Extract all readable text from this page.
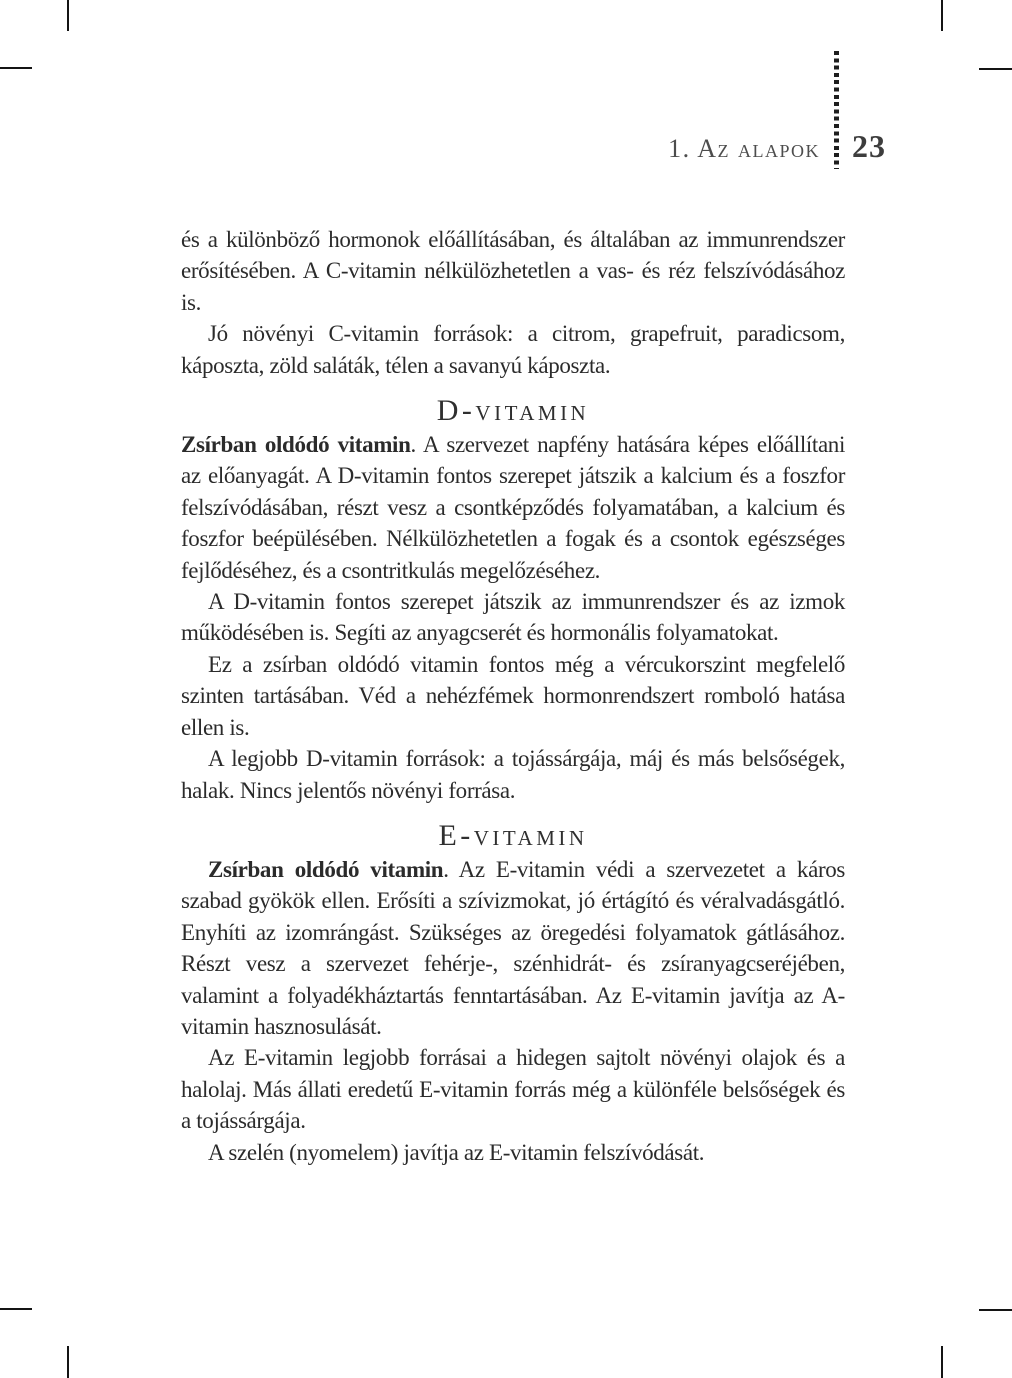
1. Az alapok 23

és a különböző hormonok előállításában, és általában az immunrendszer erősítésében. A C-vitamin nélkülözhetetlen a vas- és réz felszívódásához is.

Jó növényi C-vitamin források: a citrom, grapefruit, paradicsom, káposzta, zöld saláták, télen a savanyú káposzta.

D-vitamin

Zsírban oldódó vitamin. A szervezet napfény hatására képes előállítani az előanyagát. A D-vitamin fontos szerepet játszik a kalcium és a foszfor felszívódásában, részt vesz a csontképződés folyamatában, a kalcium és foszfor beépülésében. Nélkülözhetetlen a fogak és a csontok egészséges fejlődéséhez, és a csontritkulás megelőzéséhez.

A D-vitamin fontos szerepet játszik az immunrendszer és az izmok működésében is. Segíti az anyagcserét és hormonális folyamatokat.

Ez a zsírban oldódó vitamin fontos még a vércukorszint megfelelő szinten tartásában. Véd a nehézfémek hormonrendszert romboló hatása ellen is.

A legjobb D-vitamin források: a tojássárgája, máj és más belsőségek, halak. Nincs jelentős növényi forrása.

E-vitamin

Zsírban oldódó vitamin. Az E-vitamin védi a szervezetet a káros szabad gyökök ellen. Erősíti a szívizmokat, jó értágító és véralvadásgátló. Enyhíti az izomrángást. Szükséges az öregedési folyamatok gátlásához. Részt vesz a szervezet fehérje-, szénhidrát- és zsíranyagcseréjében, valamint a folyadékháztartás fenntartásában. Az E-vitamin javítja az A-vitamin hasznosulását.

Az E-vitamin legjobb forrásai a hidegen sajtolt növényi olajok és a halolaj. Más állati eredetű E-vitamin forrás még a különféle belsőségek és a tojássárgája.

A szelén (nyomelem) javítja az E-vitamin felszívódását.
